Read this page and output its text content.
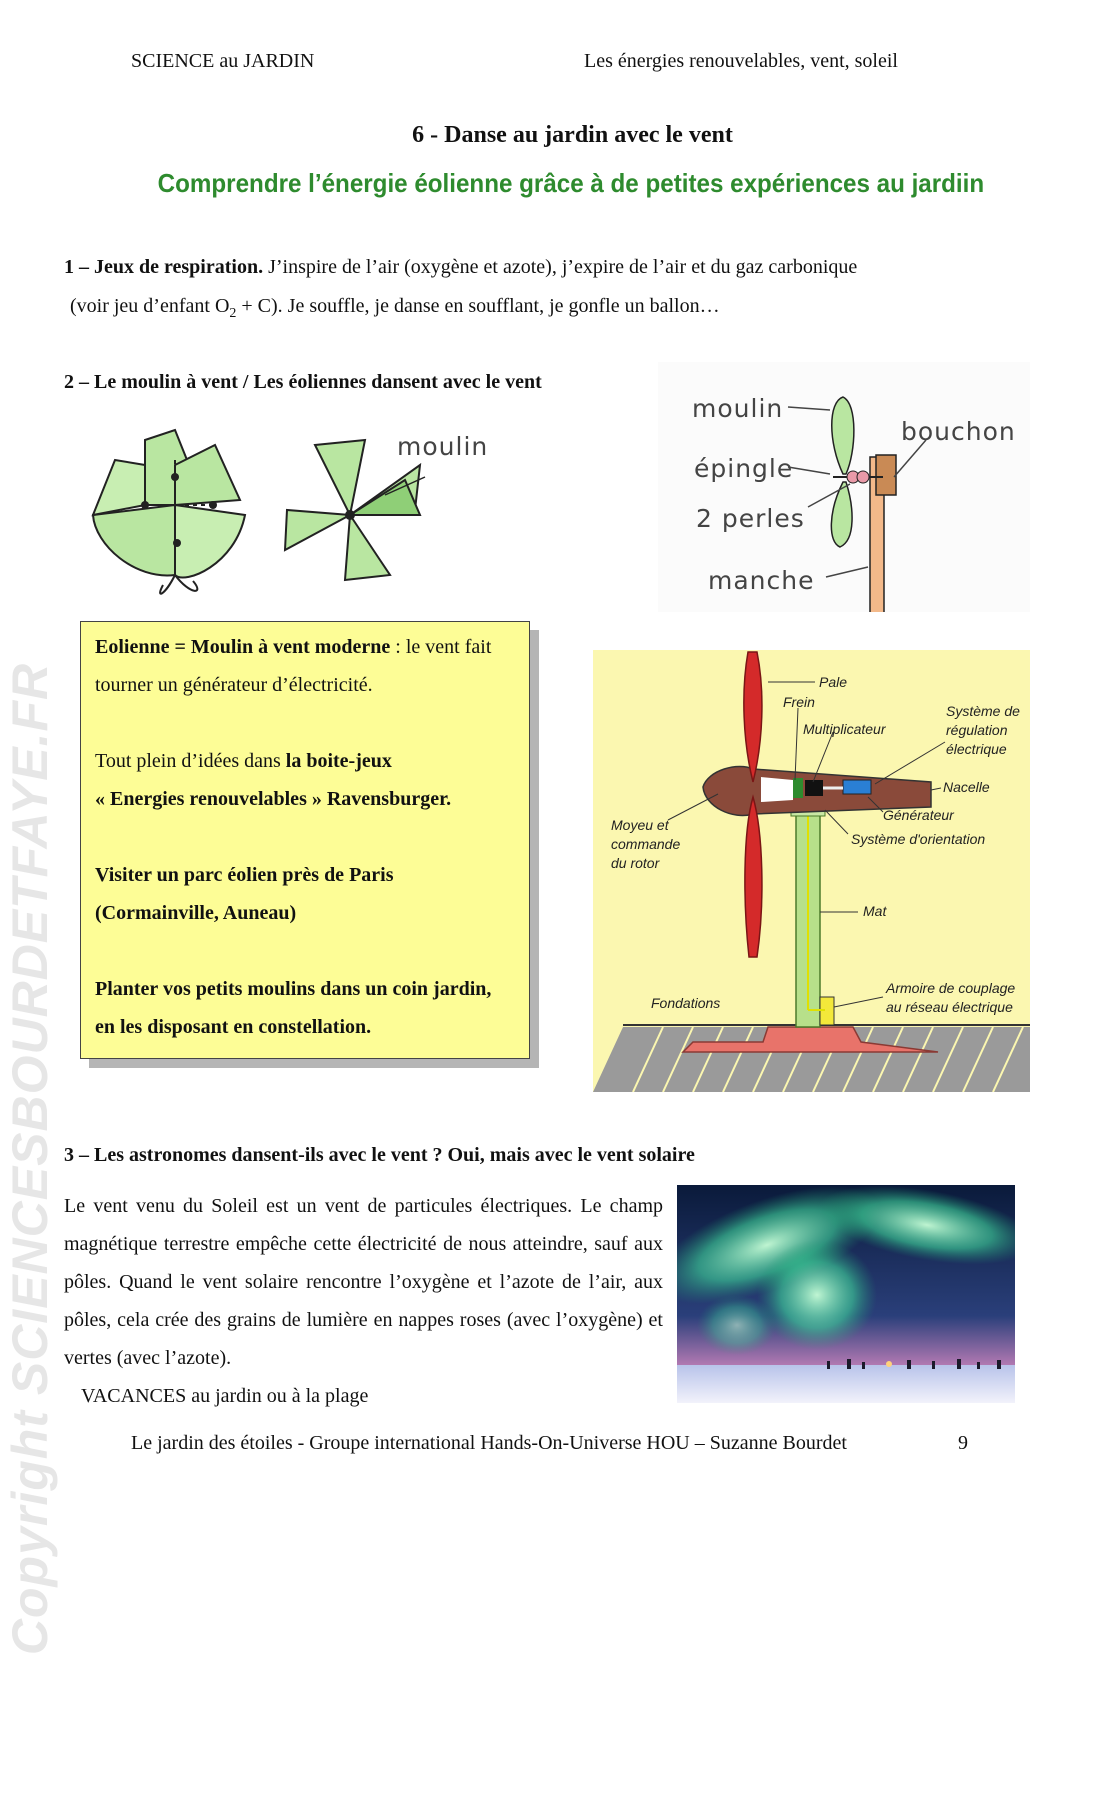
Copyright SCIENCESBOURDETFAYE.FR
SCIENCE au JARDIN	Les énergies renouvelables, vent, soleil
6 - Danse au jardin avec le vent
Comprendre l’énergie éolienne grâce à de petites expériences au jardiin
1 – Jeux de respiration. J’inspire de l’air (oxygène et azote), j’expire de l’air et du gaz carbonique
(voir jeu d’enfant $O_2 + C$). Je souffle, je danse en soufflant, je gonfle un ballon…
2 – Le moulin à vent / Les éoliennes dansent avec le vent
moulin
moulin
épingle
2 perles
manche
bouchon

Eolienne = Moulin à vent moderne : le vent fait tourner un générateur d’électricité.

Tout plein d’idées dans la boite-jeux
« Energies renouvelables » Ravensburger.

Visiter un parc éolien près de Paris (Cormainville, Auneau)

Planter vos petits moulins dans un coin jardin, en les disposant en constellation.

Pale
Frein
Multiplicateur
Système de
régulation
électrique
Nacelle
Générateur
Système d'orientation
Moyeu et
commande
du rotor
Mat
Fondations
Armoire de couplage
au réseau électrique
3 – Les astronomes dansent-ils avec le vent ? Oui, mais avec le vent solaire
Le vent venu du Soleil est un vent de particules électriques. Le champ magnétique terrestre empêche cette électricité de nous atteindre, sauf aux pôles. Quand le vent solaire rencontre l’oxygène et l’azote de l’air, aux pôles, cela crée des grains de lumière en nappes roses (avec l’oxygène) et vertes (avec l’azote).
VACANCES au jardin ou à la plage
Le jardin des étoiles - Groupe international Hands-On-Universe HOU – Suzanne Bourdet	9
